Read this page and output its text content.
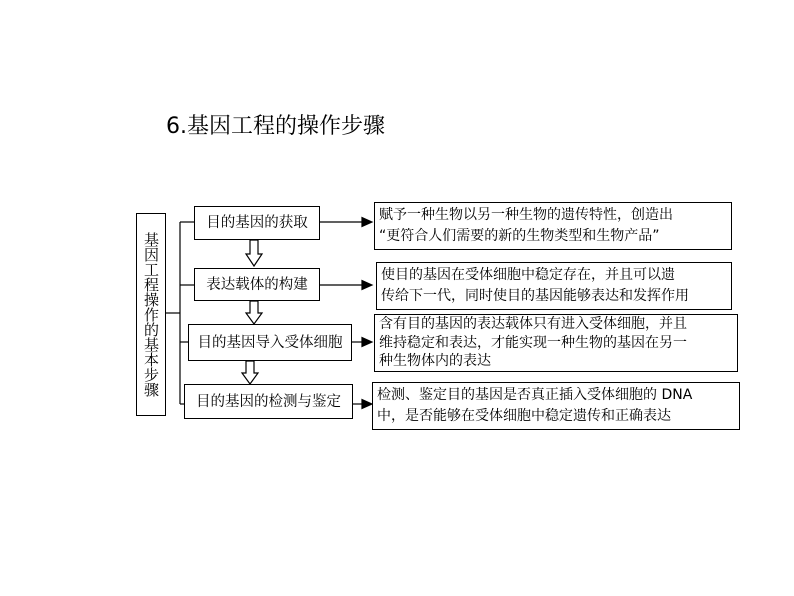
6.基因工程的操作步骤
基因工程操作的基本步骤
目的基因的获取
表达载体的构建
目的基因导入受体细胞
目的基因的检测与鉴定
赋予一种生物以另一种生物的遗传特性，创造出
“更符合人们需要的新的生物类型和生物产品”
使目的基因在受体细胞中稳定存在，并且可以遗
传给下一代，同时使目的基因能够表达和发挥作用
含有目的基因的表达载体只有进入受体细胞，并且
维持稳定和表达，才能实现一种生物的基因在另一
种生物体内的表达
检测、鉴定目的基因是否真正插入受体细胞的 DNA
中，是否能够在受体细胞中稳定遗传和正确表达
